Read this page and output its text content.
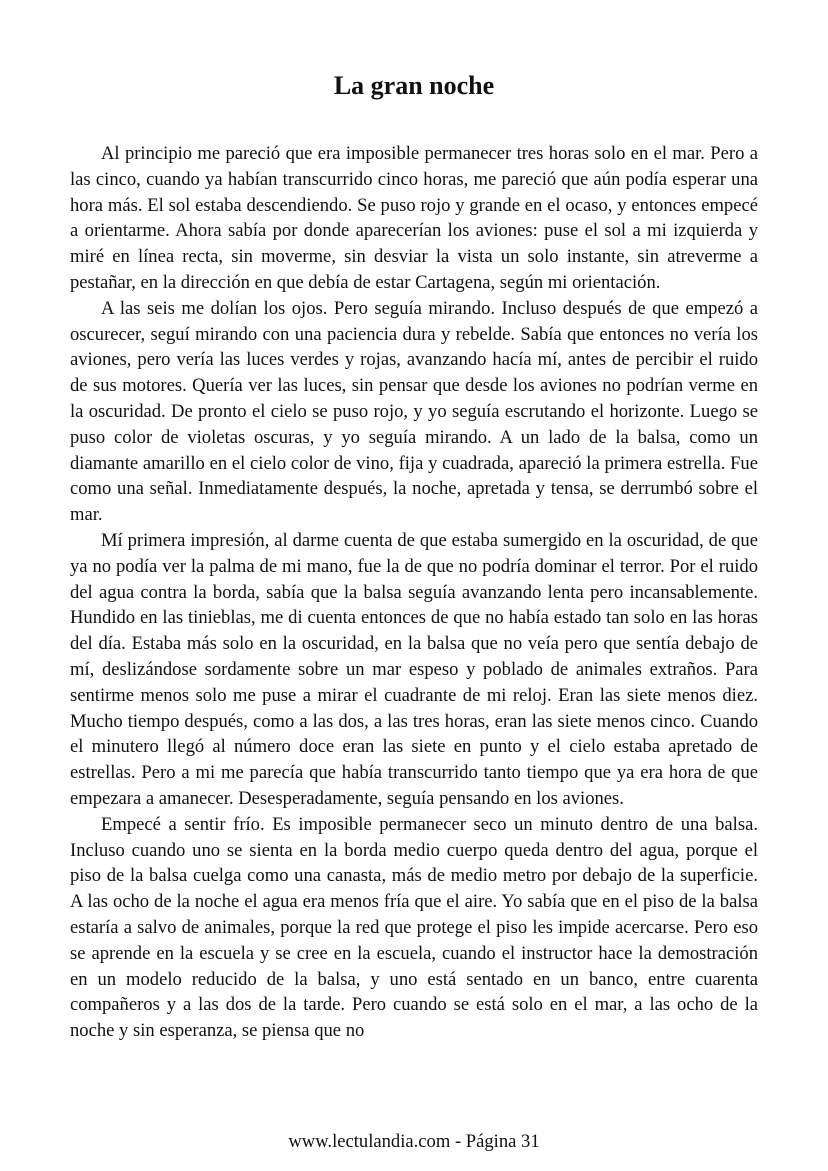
La gran noche

Al principio me pareció que era imposible permanecer tres horas solo en el mar. Pero a las cinco, cuando ya habían transcurrido cinco horas, me pareció que aún podía esperar una hora más. El sol estaba descendiendo. Se puso rojo y grande en el ocaso, y entonces empecé a orientarme. Ahora sabía por donde aparecerían los aviones: puse el sol a mi izquierda y miré en línea recta, sin moverme, sin desviar la vista un solo instante, sin atreverme a pestañar, en la dirección en que debía de estar Cartagena, según mi orientación.

A las seis me dolían los ojos. Pero seguía mirando. Incluso después de que empezó a oscurecer, seguí mirando con una paciencia dura y rebelde. Sabía que entonces no vería los aviones, pero vería las luces verdes y rojas, avanzando hacía mí, antes de percibir el ruido de sus motores. Quería ver las luces, sin pensar que desde los aviones no podrían verme en la oscuridad. De pronto el cielo se puso rojo, y yo seguía escrutando el horizonte. Luego se puso color de violetas oscuras, y yo seguía mirando. A un lado de la balsa, como un diamante amarillo en el cielo color de vino, fija y cuadrada, apareció la primera estrella. Fue como una señal. Inmediatamente después, la noche, apretada y tensa, se derrumbó sobre el mar.

Mí primera impresión, al darme cuenta de que estaba sumergido en la oscuridad, de que ya no podía ver la palma de mi mano, fue la de que no podría dominar el terror. Por el ruido del agua contra la borda, sabía que la balsa seguía avanzando lenta pero incansablemente. Hundido en las tinieblas, me di cuenta entonces de que no había estado tan solo en las horas del día. Estaba más solo en la oscuridad, en la balsa que no veía pero que sentía debajo de mí, deslizándose sordamente sobre un mar espeso y poblado de animales extraños. Para sentirme menos solo me puse a mirar el cuadrante de mi reloj. Eran las siete menos diez. Mucho tiempo después, como a las dos, a las tres horas, eran las siete menos cinco. Cuando el minutero llegó al número doce eran las siete en punto y el cielo estaba apretado de estrellas. Pero a mi me parecía que había transcurrido tanto tiempo que ya era hora de que empezara a amanecer. Desesperadamente, seguía pensando en los aviones.

Empecé a sentir frío. Es imposible permanecer seco un minuto dentro de una balsa. Incluso cuando uno se sienta en la borda medio cuerpo queda dentro del agua, porque el piso de la balsa cuelga como una canasta, más de medio metro por debajo de la superficie. A las ocho de la noche el agua era menos fría que el aire. Yo sabía que en el piso de la balsa estaría a salvo de animales, porque la red que protege el piso les impide acercarse. Pero eso se aprende en la escuela y se cree en la escuela, cuando el instructor hace la demostración en un modelo reducido de la balsa, y uno está sentado en un banco, entre cuarenta compañeros y a las dos de la tarde. Pero cuando se está solo en el mar, a las ocho de la noche y sin esperanza, se piensa que no

www.lectulandia.com - Página 31
